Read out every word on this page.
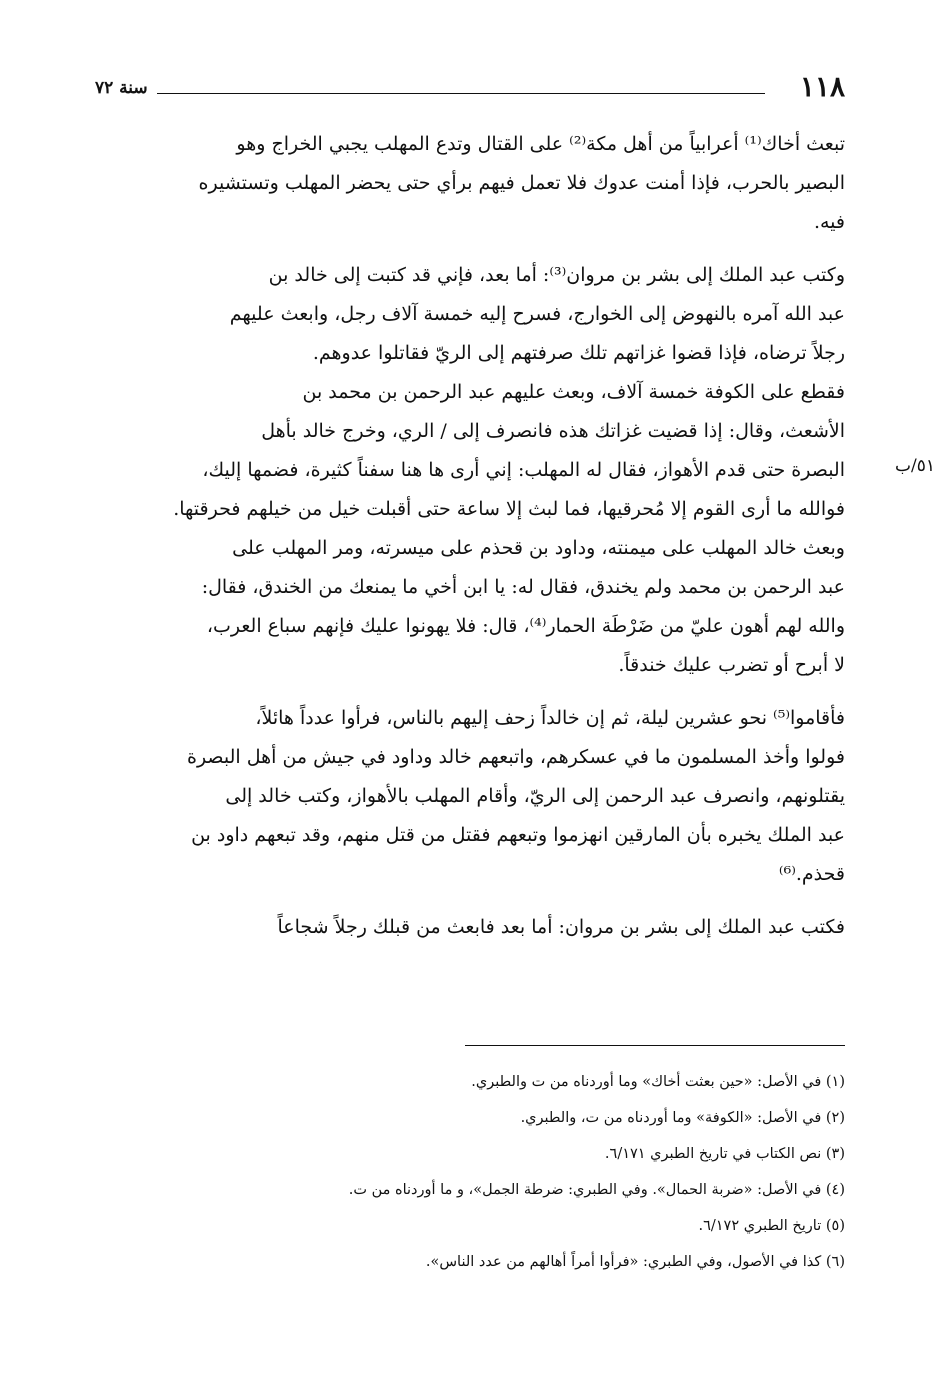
١١٨
سنة ٧٢
٥١/ب
تبعث أخاك⁽¹⁾ أعرابياً من أهل مكة⁽²⁾ على القتال وتدع المهلب يجبي الخراج وهو
البصير بالحرب، فإذا أمنت عدوك فلا تعمل فيهم برأي حتى يحضر المهلب وتستشيره
فيه.
وكتب عبد الملك إلى بشر بن مروان⁽³⁾: أما بعد، فإني قد كتبت إلى خالد بن
عبد الله آمره بالنهوض إلى الخوارج، فسرح إليه خمسة آلاف رجل، وابعث عليهم
رجلاً ترضاه، فإذا قضوا غزاتهم تلك صرفتهم إلى الريّ فقاتلوا عدوهم.
فقطع على الكوفة خمسة آلاف، وبعث عليهم عبد الرحمن بن محمد بن
الأشعث، وقال: إذا قضيت غزاتك هذه فانصرف إلى / الري، وخرج خالد بأهل
البصرة حتى قدم الأهواز، فقال له المهلب: إني أرى ها هنا سفناً كثيرة، فضمها إليك،
فوالله ما أرى القوم إلا مُحرقيها، فما لبث إلا ساعة حتى أقبلت خيل من خيلهم فحرقتها.
وبعث خالد المهلب على ميمنته، وداود بن قحذم على ميسرته، ومر المهلب على
عبد الرحمن بن محمد ولم يخندق، فقال له: يا ابن أخي ما يمنعك من الخندق، فقال:
والله لهم أهون عليّ من ضَرْطَة الحمار⁽⁴⁾، قال: فلا يهونوا عليك فإنهم سباع العرب،
لا أبرح أو تضرب عليك خندقاً.
فأقاموا⁽⁵⁾ نحو عشرين ليلة، ثم إن خالداً زحف إليهم بالناس، فرأوا عدداً هائلاً،
فولوا وأخذ المسلمون ما في عسكرهم، واتبعهم خالد وداود في جيش من أهل البصرة
يقتلونهم، وانصرف عبد الرحمن إلى الريّ، وأقام المهلب بالأهواز، وكتب خالد إلى
عبد الملك يخبره بأن المارقين انهزموا وتبعهم فقتل من قتل منهم، وقد تبعهم داود بن
قحذم.⁽⁶⁾
فكتب عبد الملك إلى بشر بن مروان: أما بعد فابعث من قبلك رجلاً شجاعاً
(١) في الأصل: «حين بعثت أخاك» وما أوردناه من ت والطبري.
(٢) في الأصل: «الكوفة» وما أوردناه من ت، والطبري.
(٣) نص الكتاب في تاريخ الطبري ٦/١٧١.
(٤) في الأصل: «ضربة الحمال». وفي الطبري: ضرطة الجمل»، و ما أوردناه من ت.
(٥) تاريخ الطبري ٦/١٧٢.
(٦) كذا في الأصول، وفي الطبري: «فرأوا أمراً أهالهم من عدد الناس».
